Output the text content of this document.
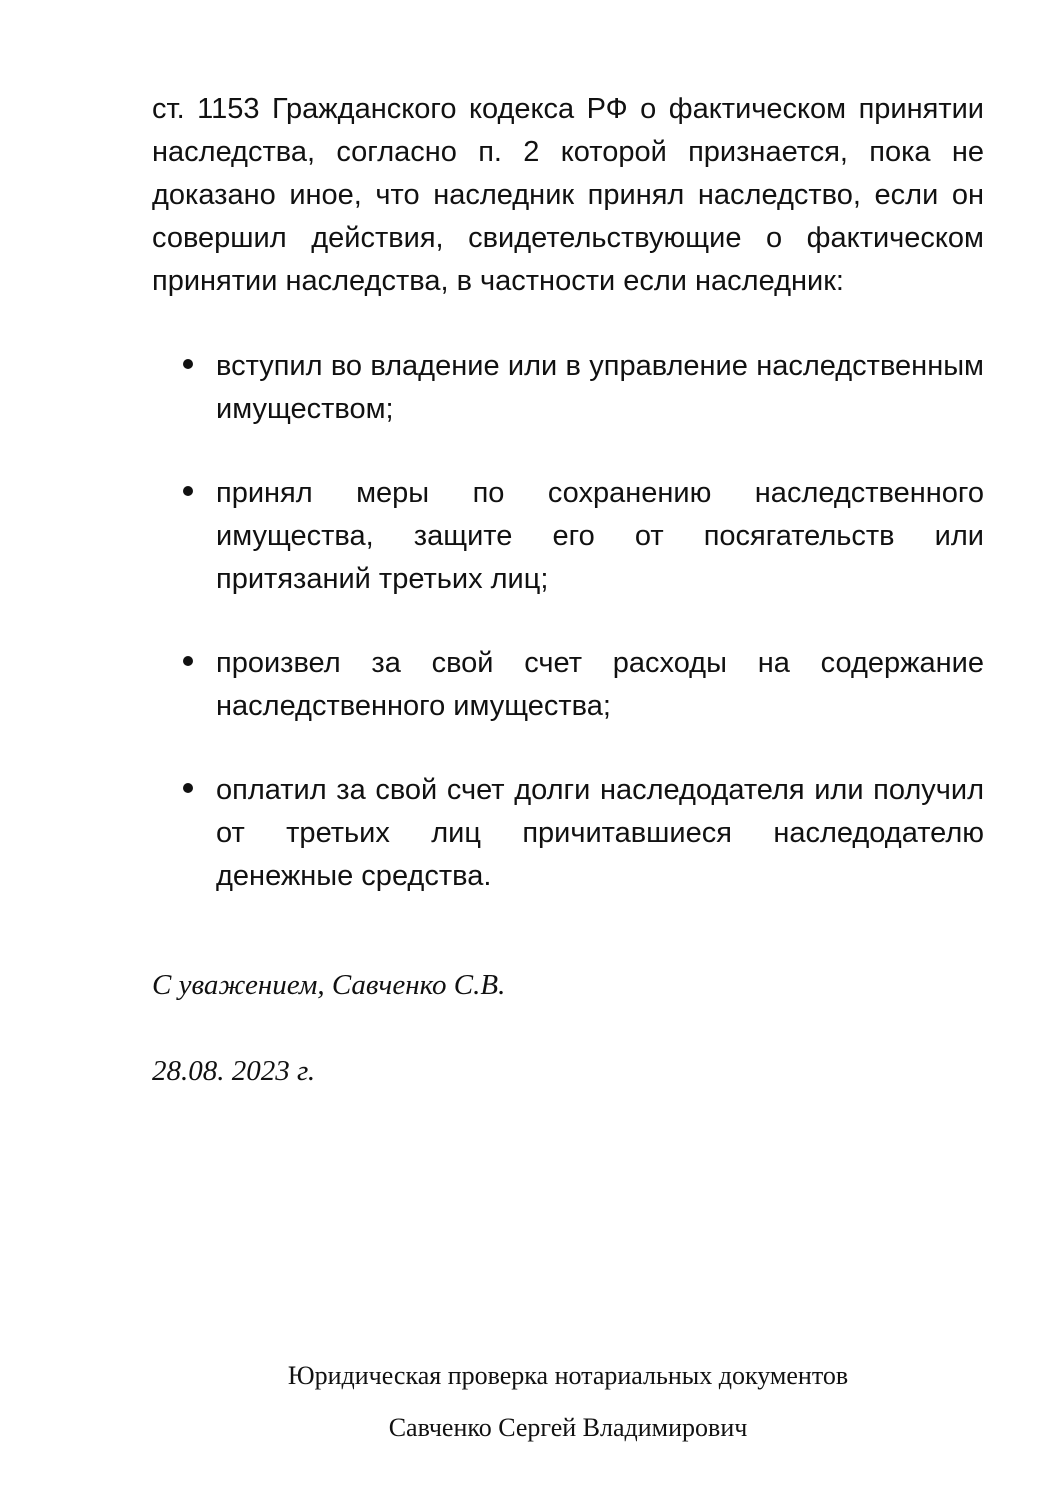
ст. 1153 Гражданского кодекса РФ о фактическом принятии наследства, согласно п. 2 которой признается, пока не доказано иное, что наследник принял наследство, если он совершил действия, свидетельствующие о фактическом принятии наследства, в частности если наследник:

вступил во владение или в управление наследственным имуществом;
принял меры по сохранению наследственного имущества, защите его от посягательств или притязаний третьих лиц;
произвел за свой счет расходы на содержание наследственного имущества;
оплатил за свой счет долги наследодателя или получил от третьих лиц причитавшиеся наследодателю денежные средства.

С уважением, Савченко С.В.

28.08. 2023 г.

Юридическая проверка нотариальных документов
Савченко Сергей Владимирович
